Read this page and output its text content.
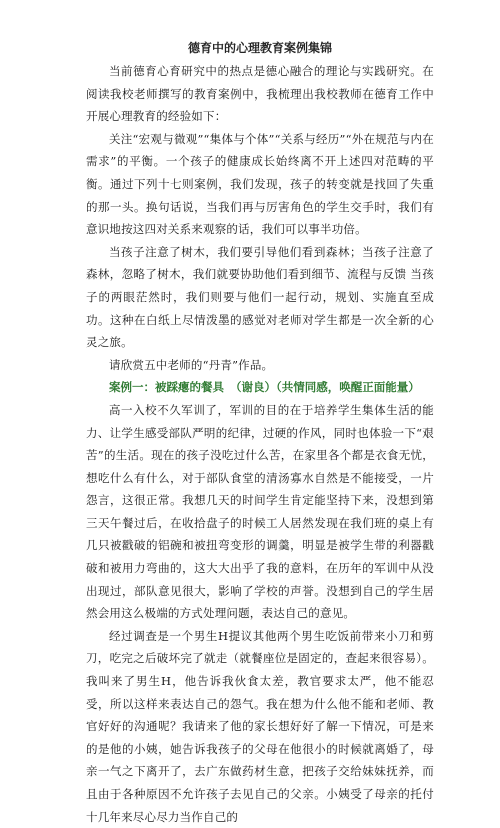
德育中的心理教育案例集锦

当前德育心育研究中的热点是德心融合的理论与实践研究。在阅读我校老师撰写的教育案例中，我梳理出我校教师在德育工作中开展心理教育的经验如下：

关注“宏观与微观”“集体与个体”“关系与经历”“外在规范与内在需求”的平衡。一个孩子的健康成长始终离不开上述四对范畴的平衡。通过下列十七则案例，我们发现，孩子的转变就是找回了失重的那一头。换句话说，当我们再与厉害角色的学生交手时，我们有意识地按这四对关系来观察的话，我们可以事半功倍。

当孩子注意了树木，我们要引导他们看到森林；当孩子注意了森林，忽略了树木，我们就要协助他们看到细节、流程与反馈 当孩子的两眼茫然时，我们则要与他们一起行动，规划、实施直至成功。这种在白纸上尽情泼墨的感觉对老师对学生都是一次全新的心灵之旅。

请欣赏五中老师的“丹青”作品。

案例一：被踩瘪的餐具 （谢良）（共情同感，唤醒正面能量）

高一入校不久军训了，军训的目的在于培养学生集体生活的能力、让学生感受部队严明的纪律，过硬的作风，同时也体验一下“艰苦”的生活。现在的孩子没吃过什么苦，在家里各个都是衣食无忧，想吃什么有什么，对于部队食堂的清汤寡水自然是不能接受，一片怨言，这很正常。我想几天的时间学生肯定能坚持下来，没想到第三天午餐过后，在收拾盘子的时候工人居然发现在我们班的桌上有几只被戳破的铝碗和被扭弯变形的调羹，明显是被学生带的利器戳破和被用力弯曲的，这大大出乎了我的意料，在历年的军训中从没出现过，部队意见很大，影响了学校的声誉。没想到自己的学生居然会用这么极端的方式处理问题，表达自己的意见。

经过调查是一个男生H提议其他两个男生吃饭前带来小刀和剪刀，吃完之后破坏完了就走（就餐座位是固定的，查起来很容易）。我叫来了男生H，他告诉我伙食太差，教官要求太严，他不能忍受，所以这样来表达自己的怨气。我在想为什么他不能和老师、教官好好的沟通呢？我请来了他的家长想好好了解一下情况，可是来的是他的小姨，她告诉我孩子的父母在他很小的时候就离婚了，母亲一气之下离开了，去广东做药材生意，把孩子交给妹妹抚养，而且由于各种原因不允许孩子去见自己的父亲。小姨受了母亲的托付十几年来尽心尽力当作自己的
